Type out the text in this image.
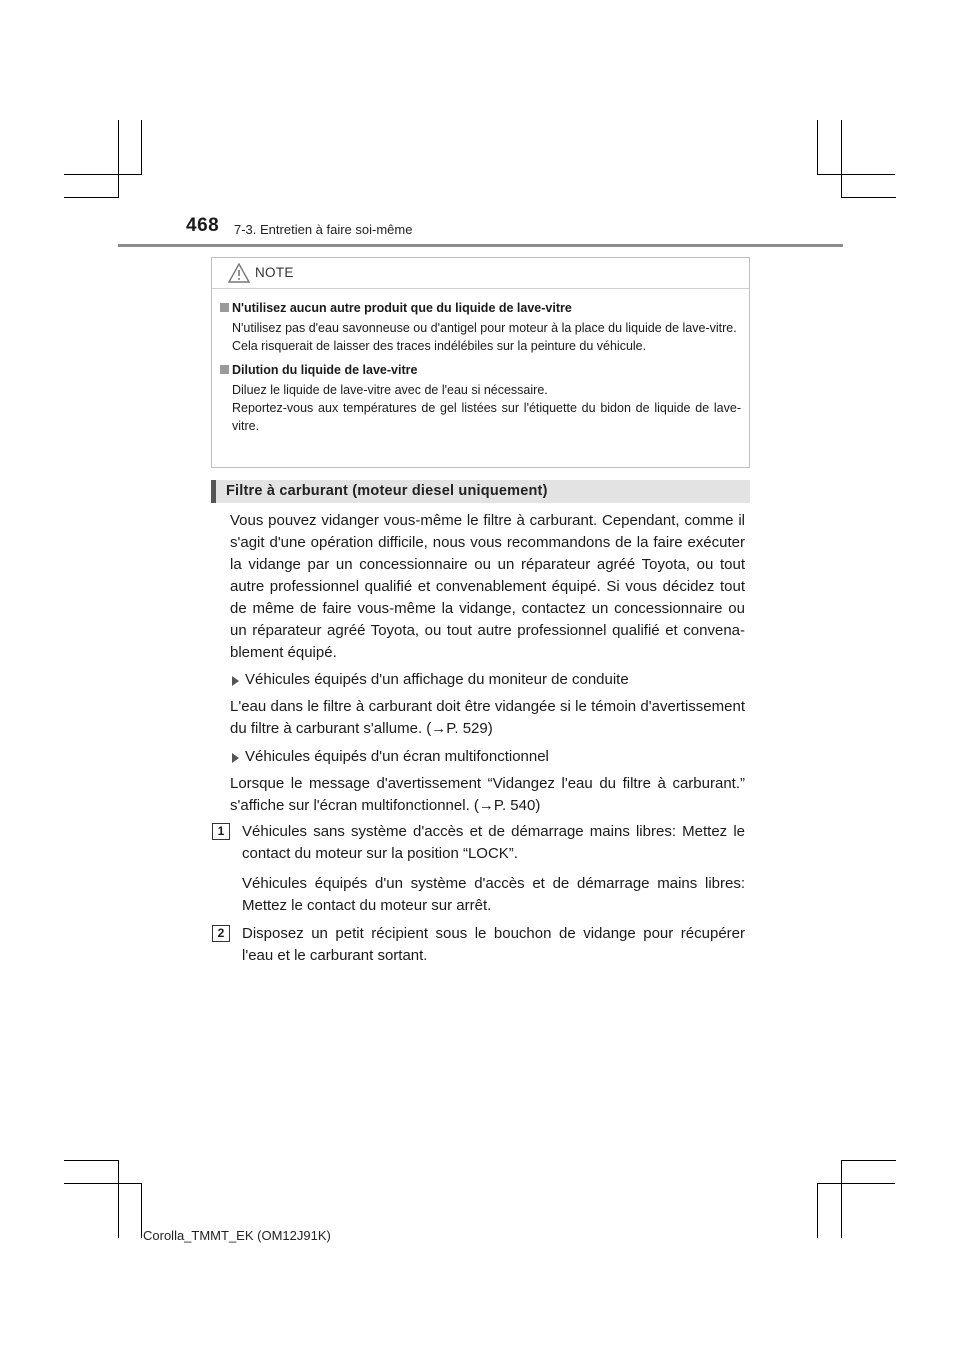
468 7-3. Entretien à faire soi-même
NOTE
N'utilisez aucun autre produit que du liquide de lave-vitre
N'utilisez pas d'eau savonneuse ou d'antigel pour moteur à la place du liquide de lave-vitre.
Cela risquerait de laisser des traces indélébiles sur la peinture du véhicule.
Dilution du liquide de lave-vitre
Diluez le liquide de lave-vitre avec de l'eau si nécessaire.
Reportez-vous aux températures de gel listées sur l'étiquette du bidon de liquide de lave-vitre.
Filtre à carburant (moteur diesel uniquement)

Vous pouvez vidanger vous-même le filtre à carburant. Cependant, comme il s'agit d'une opération difficile, nous vous recommandons de la faire exécuter la vidange par un concessionnaire ou un réparateur agréé Toyota, ou tout autre professionnel qualifié et convenablement équipé. Si vous décidez tout de même de faire vous-même la vidange, contactez un concessionnaire ou un réparateur agréé Toyota, ou tout autre professionnel qualifié et convena-blement équipé.

Véhicules équipés d'un affichage du moniteur de conduite

L'eau dans le filtre à carburant doit être vidangée si le témoin d'avertissement du filtre à carburant s'allume. (→P. 529)

Véhicules équipés d'un écran multifonctionnel

Lorsque le message d'avertissement “Vidangez l'eau du filtre à carburant.” s'affiche sur l'écran multifonctionnel. (→P. 540)

1	Véhicules sans système d'accès et de démarrage mains libres: Mettez le contact du moteur sur la position “LOCK”.

Véhicules équipés d'un système d'accès et de démarrage mains libres: Mettez le contact du moteur sur arrêt.

2	Disposez un petit récipient sous le bouchon de vidange pour récupérer l'eau et le carburant sortant.

Corolla_TMMT_EK (OM12J91K)
